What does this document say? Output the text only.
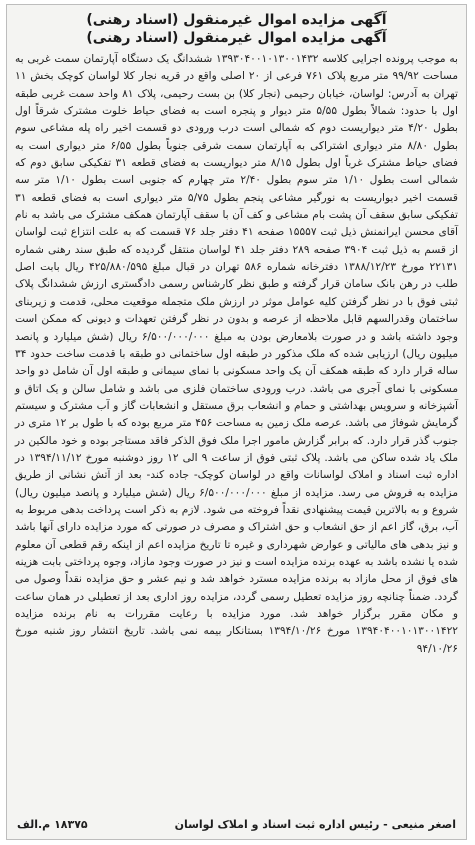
آگهی مزایده اموال غیرمنقول (اسناد رهنی)
آگهی مزایده اموال غیرمنقول (اسناد رهنی)
به موجب پرونده اجرایی کلاسه ۱۳۹۳۰۴۰۰۱۰۱۳۰۰۱۴۳۲ ششدانگ یک دستگاه آپارتمان سمت غربی به مساحت ۹۹/۹۲ متر مربع پلاک ۷۶۱ فرعی از ۲۰ اصلی واقع در قریه نجار کلا لواسان کوچک بخش ۱۱ تهران به آدرس: لواسان، خیابان رحیمی (نجار کلا) بن بست رحیمی، پلاک ۸۱ واحد سمت غربی طبقه اول با حدود: شمالاً بطول ۵/۵۵ متر دیوار و پنجره است به فضای حیاط خلوت مشترک شرقاً اول بطول ۴/۲۰ متر دیواریست دوم که شمالی است درب ورودی دو قسمت اخیر راه پله مشاعی سوم بطول ۸/۸۰ متر دیواری اشتراکی به آپارتمان سمت شرقی جنوباً بطول ۶/۵۵ متر دیواری است به فضای حیاط مشترک غرباً اول بطول ۸/۱۵ متر دیواریست به فضای قطعه ۳۱ تفکیکی سابق دوم که شمالی است بطول ۱/۱۰ متر سوم بطول ۲/۴۰ متر چهارم که جنوبی است بطول ۱/۱۰ متر سه قسمت اخیر دیواریست به نورگیر مشاعی پنجم بطول ۵/۷۵ متر دیواری است به فضای قطعه ۳۱ تفکیکی سابق سقف آن پشت بام مشاعی و کف آن با سقف آپارتمان همکف مشترک می باشد به نام آقای محسن ایرانمنش ذیل ثبت ۱۵۵۵۷ صفحه ۴۱ دفتر جلد ۷۶ قسمت که به علت انتزاع ثبت لواسان از قسم به ذیل ثبت ۳۹۰۴ صفحه ۲۸۹ دفتر جلد ۴۱ لواسان منتقل گردیده که طبق سند رهنی شماره ۲۲۱۳۱ مورخ ۱۳۸۸/۱۲/۲۳ دفترخانه شماره ۵۸۶ تهران در قبال مبلغ ۴۲۵/۸۸۰/۵۹۵ ریال بابت اصل طلب در رهن بانک سامان قرار گرفته و طبق نظر کارشناس رسمی دادگستری ارزش ششدانگ پلاک ثبتی فوق با در نظر گرفتن کلیه عوامل موثر در ارزش ملک متجمله موقعیت محلی، قدمت و زیربنای ساختمان وقدرالسهم قابل ملاحظه از عرصه و بدون در نظر گرفتن تعهدات و دیونی که ممکن است وجود داشته باشد و در صورت بلامعارض بودن به مبلغ ۶/۵۰۰/۰۰۰/۰۰۰ ریال (شش میلیارد و پانصد میلیون ریال) ارزیابی شده که ملک مذکور در طبقه اول ساختمانی دو طبقه با قدمت ساخت حدود ۳۴ ساله قرار دارد که طبقه همکف آن یک واحد مسکونی با نمای سیمانی و طبقه اول آن شامل دو واحد مسکونی با نمای آجری می باشد. درب ورودی ساختمان فلزی می باشد و شامل سالن و یک اتاق و آشپزخانه و سرویس بهداشتی و حمام و انشعاب برق مستقل و انشعابات گاز و آب مشترک و سیستم گرمایش شوفاژ می باشد. عرصه ملک زمین به مساحت ۴۵۶ متر مربع بوده که با طول بر ۱۲ متری در جنوب گذر قرار دارد. که برابر گزارش مامور اجرا ملک فوق الذکر فاقد مستاجر بوده و خود مالکین در ملک یاد شده ساکن می باشد. پلاک ثبتی فوق از ساعت ۹ الی ۱۲ روز دوشنبه مورخ ۱۳۹۴/۱۱/۱۲ در اداره ثبت اسناد و املاک لواسانات واقع در لواسان کوچک- جاده کند- بعد از آتش نشانی از طریق مزایده به فروش می رسد. مزایده از مبلغ ۶/۵۰۰/۰۰۰/۰۰۰ ریال (شش میلیارد و پانصد میلیون ریال) شروع و به بالاترین قیمت پیشنهادی نقداً فروخته می شود. لازم به ذکر است پرداخت بدهی مربوط به آب، برق، گاز اعم از حق انشعاب و حق اشتراک و مصرف در صورتی که مورد مزایده دارای آنها باشد و نیز بدهی های مالیاتی و عوارض شهرداری و غیره تا تاریخ مزایده اعم از اینکه رقم قطعی آن معلوم شده یا نشده باشد به عهده برنده مزایده است و نیز در صورت وجود مازاد، وجوه پرداختی بابت هزینه های فوق از محل مازاد به برنده مزایده مسترد خواهد شد و نیم عشر و حق مزایده نقداً وصول می گردد. ضمناً چنانچه روز مزایده تعطیل رسمی گردد، مزایده روز اداری بعد از تعطیلی در همان ساعت و مکان مقرر برگزار خواهد شد. مورد مزایده با رعایت مقررات به نام برنده مزایده ۱۳۹۴۰۴۰۰۱۰۱۳۰۰۱۴۲۲ مورخ ۱۳۹۴/۱۰/۲۶ بستانکار بیمه نمی باشد. تاریخ انتشار روز شنبه مورخ ۹۴/۱۰/۲۶
اصغر منیعی - رئیس اداره ثبت اسناد و املاک لواسان
۱۸۳۷۵ م.الف
